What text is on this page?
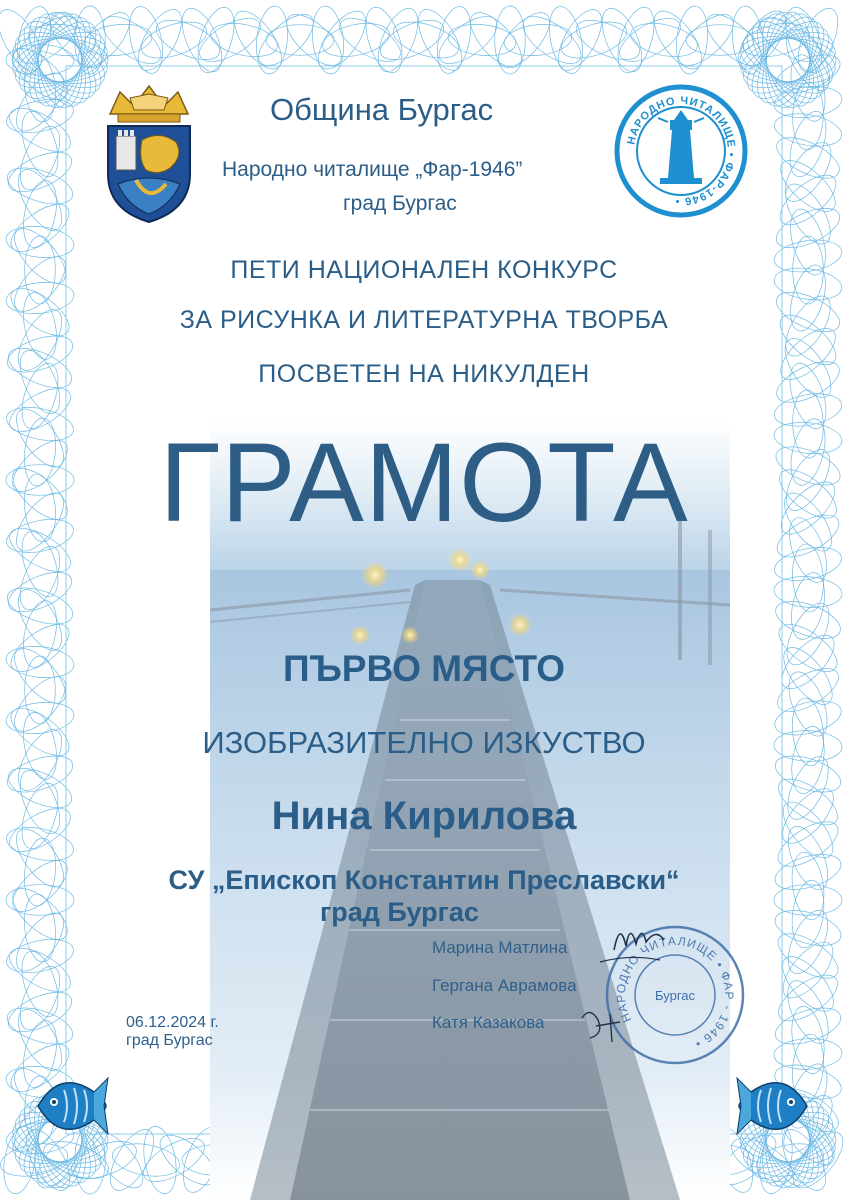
НАРОДНО ЧИТАЛИЩЕ • ФАР-1946 •
Община Бургас
Народно читалище „Фар-1946”
град Бургас
ПЕТИ НАЦИОНАЛЕН КОНКУРС
ЗА РИСУНКА И ЛИТЕРАТУРНА ТВОРБА
ПОСВЕТЕН НА НИКУЛДЕН
ГРАМОТА
ПЪРВО МЯСТО
ИЗОБРАЗИТЕЛНО ИЗКУСТВО
Нина Кирилова
СУ „Епископ Константин Преславски“
град Бургас
Марина Матлина
Гергана Аврамова
Катя Казакова	НАРОДНО ЧИТАЛИЩЕ • ФАР - 1946 •
Бургас
06.12.2024 г.
град Бургас
